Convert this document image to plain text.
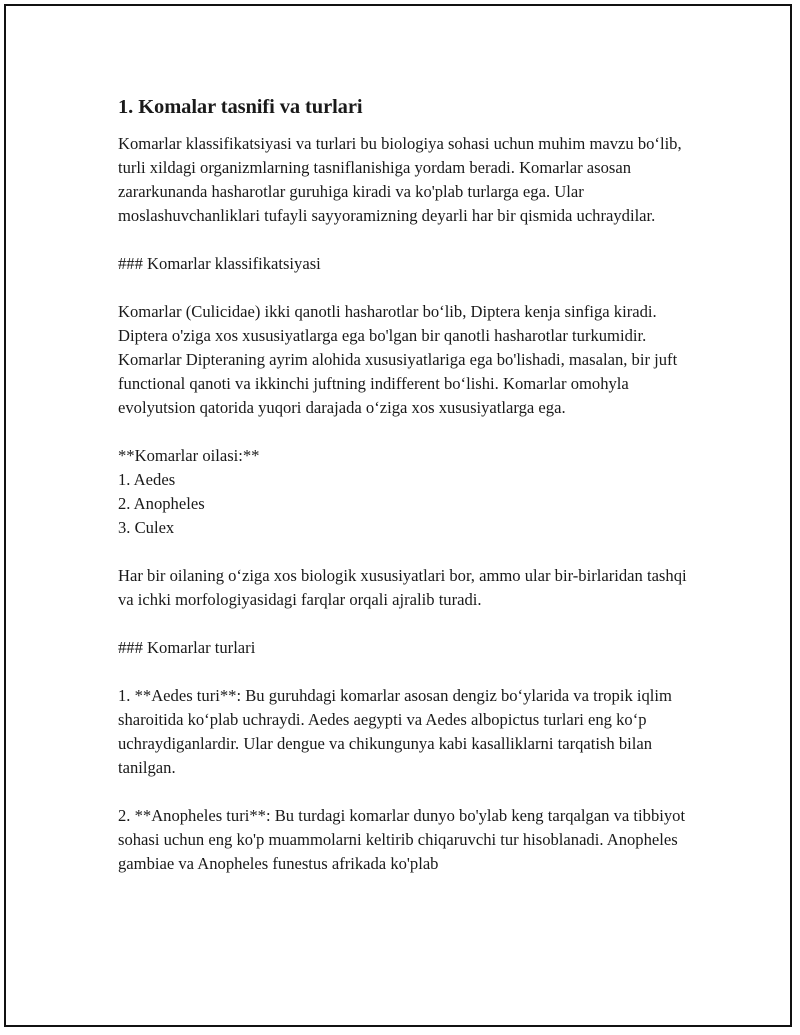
1. Komalar tasnifi va turlari

Komarlar klassifikatsiyasi va turlari bu biologiya sohasi uchun muhim mavzu bo‘lib, turli xildagi organizmlarning tasniflanishiga yordam beradi. Komarlar asosan zararkunanda hasharotlar guruhiga kiradi va ko'plab turlarga ega. Ular moslashuvchanliklari tufayli sayyoramizning deyarli har bir qismida uchraydilar.

### Komarlar klassifikatsiyasi

Komarlar (Culicidae) ikki qanotli hasharotlar bo‘lib, Diptera kenja sinfiga kiradi. Diptera o'ziga xos xususiyatlarga ega bo'lgan bir qanotli hasharotlar turkumidir. Komarlar Dipteraning ayrim alohida xususiyatlariga ega bo'lishadi, masalan, bir juft functional qanoti va ikkinchi juftning indifferent bo‘lishi. Komarlar omohyla evolyutsion qatorida yuqori darajada o‘ziga xos xususiyatlarga ega.

**Komarlar oilasi:**

1. Aedes
2. Anopheles
3. Culex

Har bir oilaning o‘ziga xos biologik xususiyatlari bor, ammo ular bir-birlaridan tashqi va ichki morfologiyasidagi farqlar orqali ajralib turadi.

### Komarlar turlari

1. **Aedes turi**: Bu guruhdagi komarlar asosan dengiz bo‘ylarida va tropik iqlim sharoitida ko‘plab uchraydi. Aedes aegypti va Aedes albopictus turlari eng ko‘p uchraydiganlardir. Ular dengue va chikungunya kabi kasalliklarni tarqatish bilan tanilgan.

2. **Anopheles turi**: Bu turdagi komarlar dunyo bo'ylab keng tarqalgan va tibbiyot sohasi uchun eng ko'p muammolarni keltirib chiqaruvchi tur hisoblanadi. Anopheles gambiae va Anopheles funestus afrikada ko'plab
